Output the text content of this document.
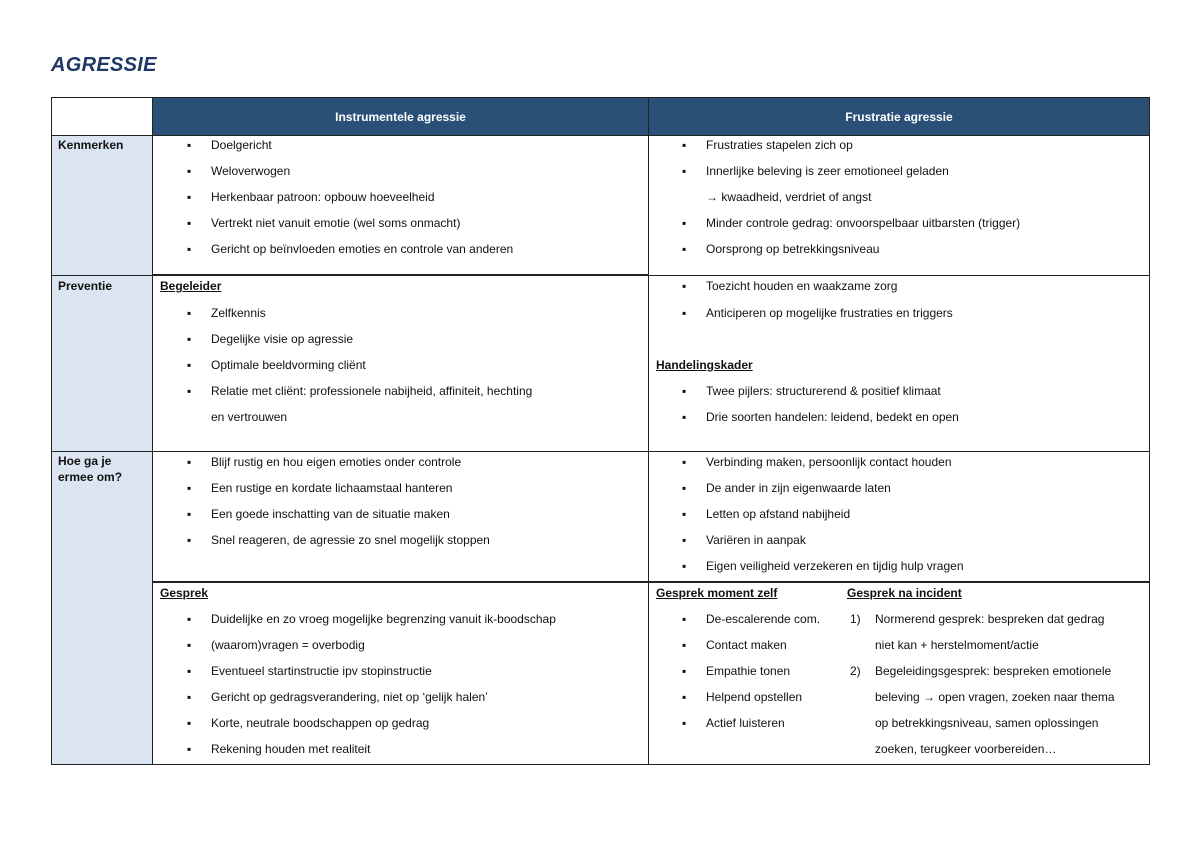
AGRESSIE
Instrumentele agressie	Frustratie agressie
Kenmerken
Preventie
Hoe ga je
ermee om?
▪ Doelgericht
▪ Weloverwogen
▪ Herkenbaar patroon: opbouw hoeveelheid
▪ Vertrekt niet vanuit emotie (wel soms onmacht)
▪ Gericht op beïnvloeden emoties en controle van anderen
▪ Frustraties stapelen zich op
▪ Innerlijke beleving is zeer emotioneel geladen
→ kwaadheid, verdriet of angst
▪ Minder controle gedrag: onvoorspelbaar uitbarsten (trigger)
▪ Oorsprong op betrekkingsniveau
Begeleider
▪ Zelfkennis
▪ Degelijke visie op agressie
▪ Optimale beeldvorming cliënt
▪ Relatie met cliënt: professionele nabijheid, affiniteit, hechting
en vertrouwen
▪ Toezicht houden en waakzame zorg
▪ Anticiperen op mogelijke frustraties en triggers
Handelingskader
▪ Twee pijlers: structurerend & positief klimaat
▪ Drie soorten handelen: leidend, bedekt en open
▪ Blijf rustig en hou eigen emoties onder controle
▪ Een rustige en kordate lichaamstaal hanteren
▪ Een goede inschatting van de situatie maken
▪ Snel reageren, de agressie zo snel mogelijk stoppen
▪ Verbinding maken, persoonlijk contact houden
▪ De ander in zijn eigenwaarde laten
▪ Letten op afstand nabijheid
▪ Variëren in aanpak
▪ Eigen veiligheid verzekeren en tijdig hulp vragen
Gesprek
▪ Duidelijke en zo vroeg mogelijke begrenzing vanuit ik-boodschap
▪ (waarom)vragen = overbodig
▪ Eventueel startinstructie ipv stopinstructie
▪ Gericht op gedragsverandering, niet op ‘gelijk halen’
▪ Korte, neutrale boodschappen op gedrag
▪ Rekening houden met realiteit
Gesprek moment zelf
▪ De-escalerende com.
▪ Contact maken
▪ Empathie tonen
▪ Helpend opstellen
▪ Actief luisteren
Gesprek na incident
1) Normerend gesprek: bespreken dat gedrag
niet kan + herstelmoment/actie
2) Begeleidingsgesprek: bespreken emotionele
beleving → open vragen, zoeken naar thema
op betrekkingsniveau, samen oplossingen
zoeken, terugkeer voorbereiden…
